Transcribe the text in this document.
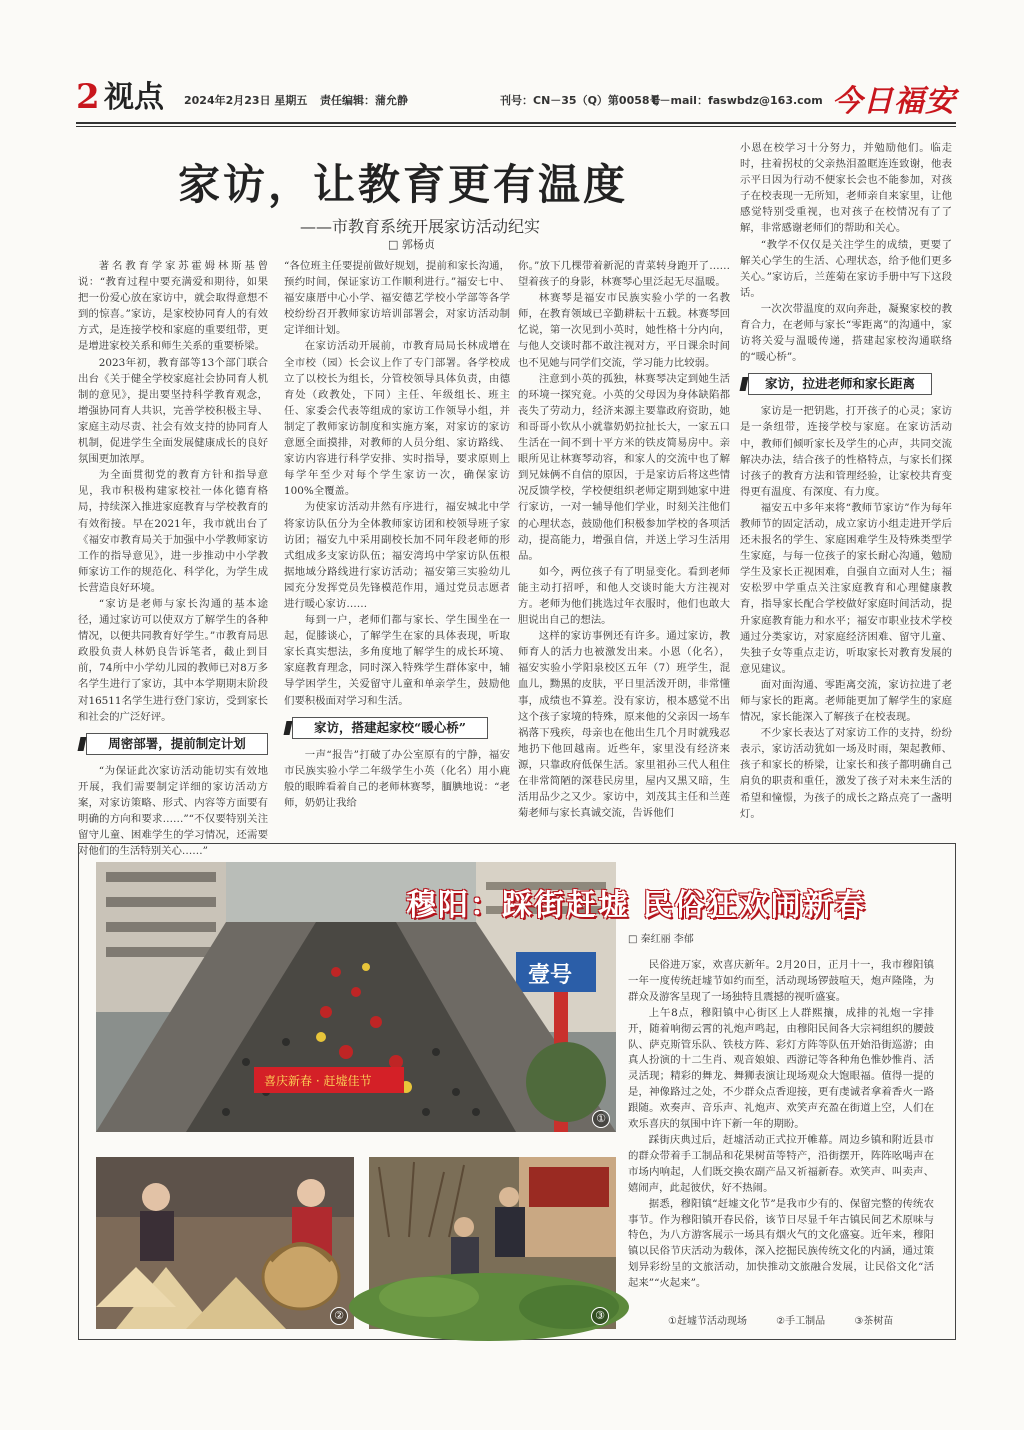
2 视点 2024年2月23日 星期五 责任编辑：蒲允静	刊号：CN－35（Q）第0058号
E－mail：faswbdz@163.com 今日福安
家访，让教育更有温度
——市教育系统开展家访活动纪实
□ 郭杨贞

著名教育学家苏霍姆林斯基曾说：“教育过程中要充满爱和期待，如果把一份爱心放在家访中，就会取得意想不到的惊喜。”家访，是家校协同育人的有效方式，是连接学校和家庭的重要纽带，更是增进家校关系和师生关系的重要桥梁。

2023年初，教育部等13个部门联合出台《关于健全学校家庭社会协同育人机制的意见》，提出要坚持科学教育观念，增强协同育人共识，完善学校积极主导、家庭主动尽责、社会有效支持的协同育人机制，促进学生全面发展健康成长的良好氛围更加浓厚。

为全面贯彻党的教育方针和指导意见，我市积极构建家校社一体化德育格局，持续深入推进家庭教育与学校教育的有效衔接。早在2021年，我市就出台了《福安市教育局关于加强中小学教师家访工作的指导意见》，进一步推动中小学教师家访工作的规范化、科学化，为学生成长营造良好环境。

“家访是老师与家长沟通的基本途径，通过家访可以使双方了解学生的各种情况，以便共同教育好学生。”市教育局思政股负责人林奶良告诉笔者，截止到目前，74所中小学幼儿园的教师已对8万多名学生进行了家访，其中本学期期末阶段对16511名学生进行登门家访，受到家长和社会的广泛好评。

周密部署，提前制定计划

“为保证此次家访活动能切实有效地开展，我们需要制定详细的家访活动方案，对家访策略、形式、内容等方面要有明确的方向和要求……”“不仅要特别关注留守儿童、困难学生的学习情况，还需要对他们的生活特别关心……”

“各位班主任要提前做好规划，提前和家长沟通，预约时间，保证家访工作顺利进行。”福安七中、福安康厝中心小学、福安德艺学校小学部等各学校纷纷召开教师家访培训部署会，对家访活动制定详细计划。

在家访活动开展前，市教育局局长林成增在全市校（园）长会议上作了专门部署。各学校成立了以校长为组长，分管校领导具体负责，由德育处（政教处，下同）主任、年级组长、班主任、家委会代表等组成的家访工作领导小组，并制定了教师家访制度和实施方案，对家访的家访意愿全面摸排，对教师的人员分组、家访路线、家访内容进行科学安排、实时指导，要求原则上每学年至少对每个学生家访一次，确保家访100%全覆盖。

为使家访活动井然有序进行，福安城北中学将家访队伍分为全体教师家访团和校领导班子家访团；福安九中采用副校长加不同年段老师的形式组成多支家访队伍；福安湾坞中学家访队伍根据地域分路线进行家访活动；福安第三实验幼儿园充分发挥党员先锋模范作用，通过党员志愿者进行暖心家访……

每到一户，老师们都与家长、学生围坐在一起，促膝谈心，了解学生在家的具体表现，听取家长真实想法，多角度地了解学生的成长环境、家庭教育理念，同时深入特殊学生群体家中，辅导学困学生，关爱留守儿童和单亲学生，鼓励他们要积极面对学习和生活。

家访，搭建起家校“暖心桥”

一声“报告”打破了办公室原有的宁静，福安市民族实验小学二年级学生小英（化名）用小鹿般的眼眸看着自己的老师林赛琴，腼腆地说：“老师，奶奶让我给

你。”放下几棵带着新泥的青菜转身跑开了……望着孩子的身影，林赛琴心里泛起无尽温暖。

林赛琴是福安市民族实验小学的一名教师，在教育领域已辛勤耕耘十五载。林赛琴回忆说，第一次见到小英时，她性格十分内向，与他人交谈时都不敢注视对方，平日课余时间也不见她与同学们交流，学习能力比较弱。

注意到小英的孤独，林赛琴决定到她生活的环境一探究竟。小英的父母因为身体缺陷都丧失了劳动力，经济来源主要靠政府资助，她和哥哥小钦从小就靠奶奶拉扯长大，一家五口生活在一间不到十平方米的铁皮简易房中。亲眼所见让林赛琴动容，和家人的交流中也了解到兄妹俩不自信的原因，于是家访后将这些情况反馈学校，学校便组织老师定期到她家中进行家访，一对一辅导他们学业，时刻关注他们的心理状态，鼓励他们积极参加学校的各项活动，提高能力，增强自信，并送上学习生活用品。

如今，两位孩子有了明显变化。看到老师能主动打招呼，和他人交谈时能大方注视对方。老师为他们挑选过年衣服时，他们也敢大胆说出自己的想法。

这样的家访事例还有许多。通过家访，教师育人的活力也被激发出来。小恩（化名），福安实验小学阳泉校区五年（7）班学生，混血儿，黝黑的皮肤，平日里活泼开朗，非常懂事，成绩也不算差。没有家访，根本感觉不出这个孩子家境的特殊，原来他的父亲因一场车祸落下残疾，母亲也在他出生几个月时就残忍地扔下他回越南。近些年，家里没有经济来源，只靠政府低保生活。家里祖孙三代人租住在非常简陋的深巷民房里，屋内又黑又暗，生活用品少之又少。家访中，刘茂其主任和兰莲菊老师与家长真诚交流，告诉他们

小恩在校学习十分努力，并勉励他们。临走时，拄着拐杖的父亲热泪盈眶连连致谢，他表示平日因为行动不便家长会也不能参加，对孩子在校表现一无所知，老师亲自来家里，让他感觉特别受重视，也对孩子在校情况有了了解，非常感谢老师们的帮助和关心。

“教学不仅仅是关注学生的成绩，更要了解关心学生的生活、心理状态，给予他们更多关心。”家访后，兰莲菊在家访手册中写下这段话。

一次次带温度的双向奔赴，凝聚家校的教育合力，在老师与家长“零距离”的沟通中，家访将关爱与温暖传递，搭建起家校沟通联络的“暖心桥”。

家访，拉进老师和家长距离

家访是一把钥匙，打开孩子的心灵；家访是一条纽带，连接学校与家庭。在家访活动中，教师们倾听家长及学生的心声，共同交流解决办法，结合孩子的性格特点，与家长们探讨孩子的教育方法和管理经验，让家校共育变得更有温度、有深度、有力度。

福安五中多年来将“教师节家访”作为每年教师节的固定活动，成立家访小组走进开学后还未报名的学生、家庭困难学生及特殊类型学生家庭，与每一位孩子的家长耐心沟通，勉励学生及家长正视困难，自强自立面对人生；福安松罗中学重点关注家庭教育和心理健康教育，指导家长配合学校做好家庭时间活动，提升家庭教育能力和水平；福安市职业技术学校通过分类家访，对家庭经济困难、留守儿童、失独子女等重点走访，听取家长对教育发展的意见建议。

面对面沟通、零距离交流，家访拉进了老师与家长的距离。老师能更加了解学生的家庭情况，家长能深入了解孩子在校表现。

不少家长表达了对家访工作的支持，纷纷表示，家访活动犹如一场及时雨，架起教师、孩子和家长的桥梁，让家长和孩子都明确自己肩负的职责和重任，激发了孩子对未来生活的希望和憧憬，为孩子的成长之路点亮了一盏明灯。

壹号
喜庆新春 · 赶墟佳节
①
穆阳：踩街赶墟 民俗狂欢闹新春
□ 秦红丽 李郁
②	③

民俗进万家，欢喜庆新年。2月20日，正月十一，我市穆阳镇一年一度传统赶墟节如约而至，活动现场锣鼓喧天，炮声隆隆，为群众及游客呈现了一场独特且震撼的视听盛宴。

上午8点，穆阳镇中心街区上人群熙攘，成排的礼炮一字排开，随着响彻云霄的礼炮声鸣起，由穆阳民间各大宗祠组织的腰鼓队、萨克斯管乐队、铁枝方阵、彩灯方阵等队伍开始沿街巡游；由真人扮演的十二生肖、观音娘娘、西游记等各种角色惟妙惟肖、活灵活现；精彩的舞龙、舞狮表演让现场观众大饱眼福。值得一提的是，神像路过之处，不少群众点香迎接，更有虔诚者拿着香火一路跟随。欢奏声、音乐声、礼炮声、欢笑声充盈在街道上空，人们在欢乐喜庆的氛围中许下新一年的期盼。

踩街庆典过后，赶墟活动正式拉开帷幕。周边乡镇和附近县市的群众带着手工制品和花果树苗等特产，沿街摆开，阵阵吆喝声在市场内响起，人们既交换农副产品又祈福新春。欢笑声、叫卖声、嬉闹声，此起彼伏，好不热闹。

据悉，穆阳镇“赶墟文化节”是我市少有的、保留完整的传统农事节。作为穆阳镇开春民俗，该节日尽显千年古镇民间艺术原味与特色，为八方游客展示一场具有烟火气的文化盛宴。近年来，穆阳镇以民俗节庆活动为载体，深入挖掘民族传统文化的内涵，通过策划异彩纷呈的文旅活动，加快推动文旅融合发展，让民俗文化“活起来”“火起来”。

①赶墟节活动现场	②手工制品	③茶树苗
